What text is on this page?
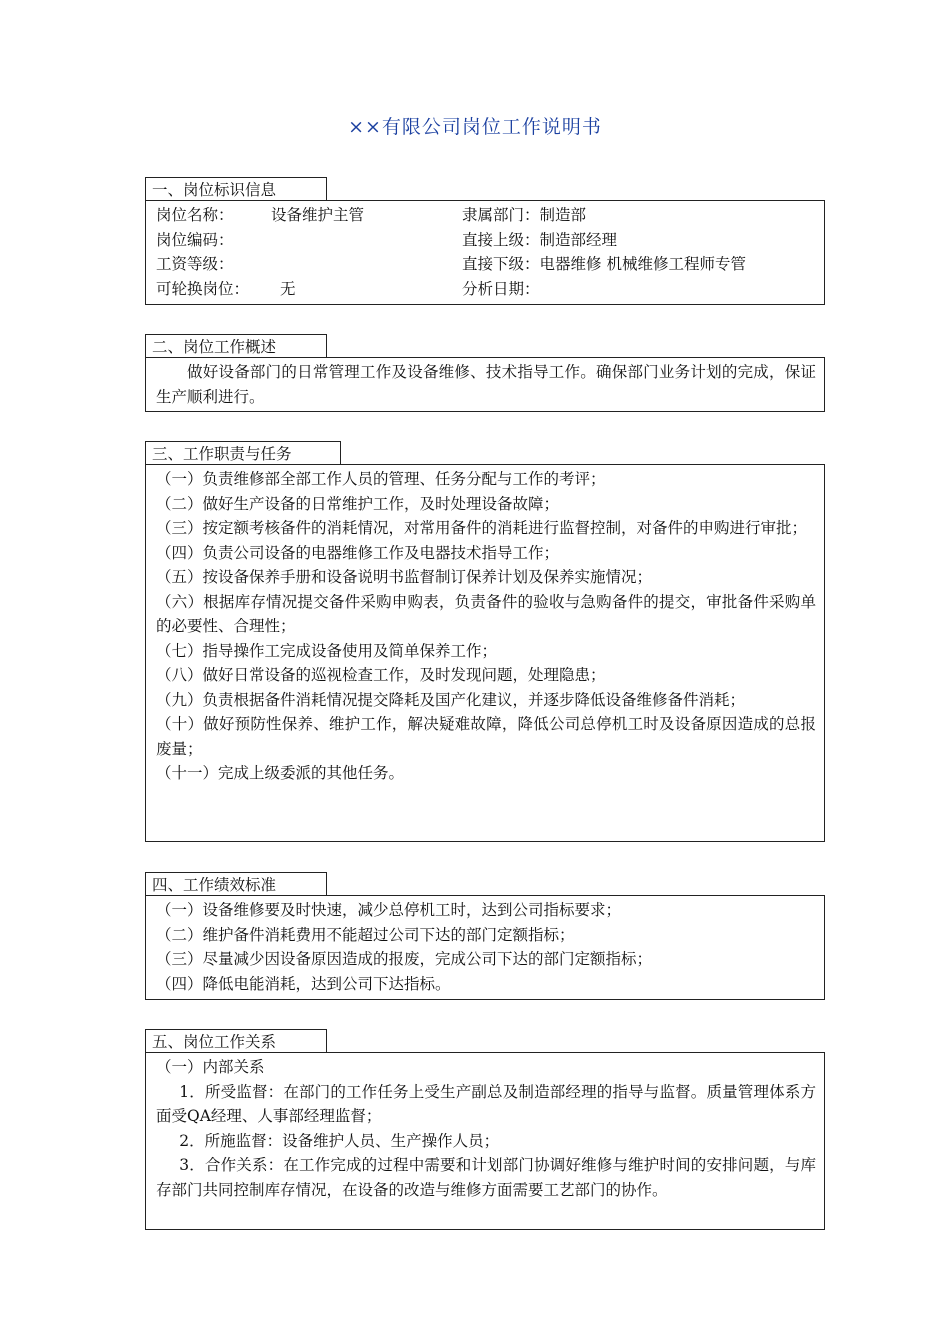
××有限公司岗位工作说明书
一、岗位标识信息
岗位名称： 设备维护主管	隶属部门：制造部
岗位编码：	直接上级：制造部经理
工资等级：	直接下级：电器维修 机械维修工程师专管
可轮换岗位： 无	分析日期：
二、岗位工作概述
做好设备部门的日常管理工作及设备维修、技术指导工作。确保部门业务计划的完成，保证生产顺利进行。
三、工作职责与任务
（一）负责维修部全部工作人员的管理、任务分配与工作的考评；
（二）做好生产设备的日常维护工作，及时处理设备故障；
（三）按定额考核备件的消耗情况，对常用备件的消耗进行监督控制，对备件的申购进行审批；
（四）负责公司设备的电器维修工作及电器技术指导工作；
（五）按设备保养手册和设备说明书监督制订保养计划及保养实施情况；
（六）根据库存情况提交备件采购申购表，负责备件的验收与急购备件的提交，审批备件采购单的必要性、合理性；
（七）指导操作工完成设备使用及简单保养工作；
（八）做好日常设备的巡视检查工作，及时发现问题，处理隐患；
（九）负责根据备件消耗情况提交降耗及国产化建议，并逐步降低设备维修备件消耗；
（十）做好预防性保养、维护工作，解决疑难故障，降低公司总停机工时及设备原因造成的总报废量；
（十一）完成上级委派的其他任务。
四、工作绩效标准
（一）设备维修要及时快速，减少总停机工时，达到公司指标要求；
（二）维护备件消耗费用不能超过公司下达的部门定额指标；
（三）尽量减少因设备原因造成的报废，完成公司下达的部门定额指标；
（四）降低电能消耗，达到公司下达指标。
五、岗位工作关系
（一）内部关系
1．所受监督：在部门的工作任务上受生产副总及制造部经理的指导与监督。质量管理体系方面受QA经理、人事部经理监督；
2．所施监督：设备维护人员、生产操作人员；
3．合作关系：在工作完成的过程中需要和计划部门协调好维修与维护时间的安排问题，与库存部门共同控制库存情况，在设备的改造与维修方面需要工艺部门的协作。
